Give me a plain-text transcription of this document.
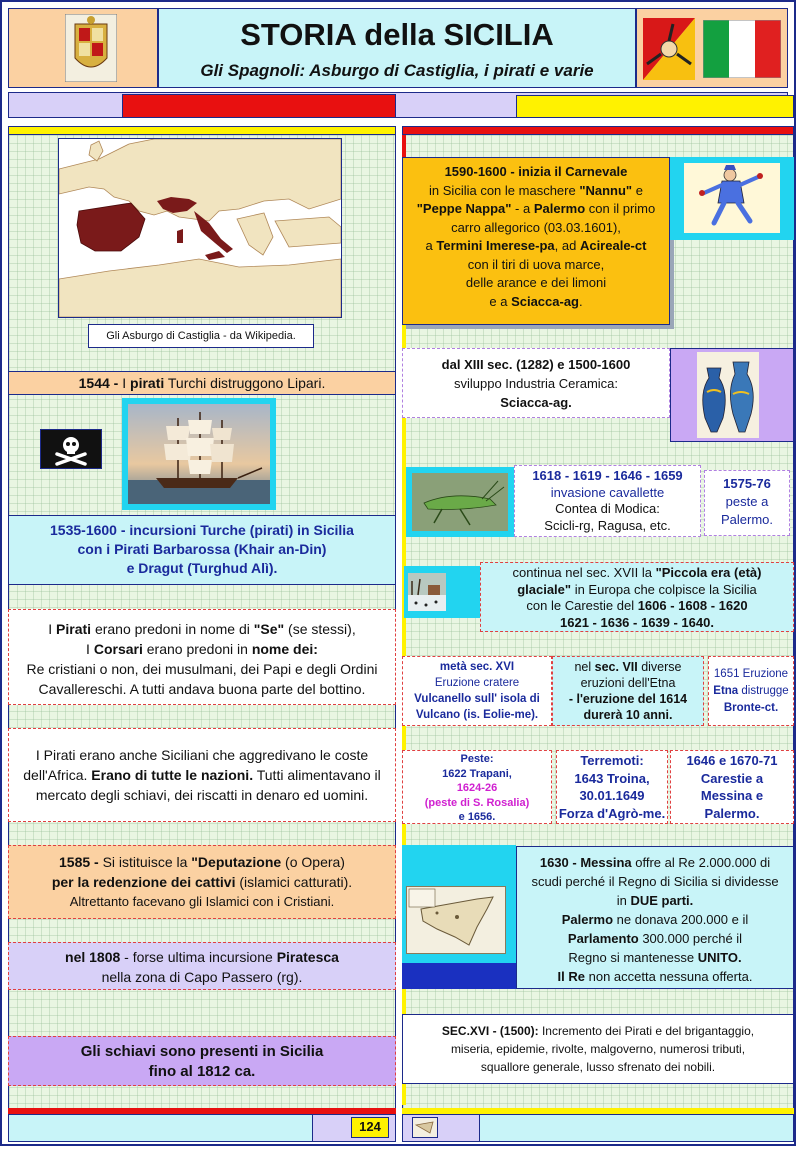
STORIA della SICILIA
Gli Spagnoli: Asburgo di Castiglia, i pirati e varie
Gli Asburgo di Castiglia - da Wikipedia.
1544 - I pirati Turchi distruggono Lipari.

1535-1600 - incursioni Turche (pirati) in Sicilia

con i Pirati Barbarossa (Khair an-Din)

e Dragut (Turghud Alì).

I Pirati erano predoni in nome di "Se" (se stessi),

I Corsari erano predoni in nome dei:

Re cristiani o non, dei musulmani, dei Papi e degli Ordini

Cavallereschi. A tutti andava buona parte del bottino.

I Pirati erano anche Siciliani che aggredivano le coste

dell'Africa. Erano di tutte le nazioni. Tutti alimentavano il

mercato degli schiavi, dei riscatti in denaro ed uomini.

1585 - Si istituisce la "Deputazione (o Opera)

per la redenzione dei cattivi (islamici catturati).

Altrettanto facevano gli Islamici con i Cristiani.

nel 1808 - forse ultima incursione Piratesca

nella zona di Capo Passero (rg).

Gli schiavi sono presenti in Sicilia

fino al 1812 ca.

124

1590-1600 - inizia il Carnevale

in Sicilia con le maschere "Nannu" e

"Peppe Nappa" - a Palermo con il primo

carro allegorico (03.03.1601),

a Termini Imerese-pa, ad Acireale-ct

con il tiri di uova marce,

delle arance e dei limoni

e a Sciacca-ag.

dal XIII sec. (1282) e 1500-1600

sviluppo Industria Ceramica:

Sciacca-ag.

1618 - 1619 - 1646 - 1659

invasione cavallette

Contea di Modica:

Scicli-rg, Ragusa, etc.

1575-76

peste a

Palermo.

continua nel sec. XVII la "Piccola era (età)

glaciale" in Europa che colpisce la Sicilia

con le Carestie del 1606 - 1608 - 1620

1621 - 1636 - 1639 - 1640.

metà sec. XVI

Eruzione cratere

Vulcanello sull' isola di

Vulcano (is. Eolie-me).

nel sec. VII diverse

eruzioni dell'Etna

- l'eruzione del 1614

durerà 10 anni.

1651 Eruzione

Etna distrugge

Bronte-ct.

Peste:

1622 Trapani,

1624-26

(peste di S. Rosalia)

e 1656.

Terremoti:

1643 Troina,

30.01.1649

Forza d'Agrò-me.

1646 e 1670-71

Carestie a

Messina e

Palermo.

1630 - Messina offre al Re 2.000.000 di

scudi perché il Regno di Sicilia si dividesse

in DUE parti.

Palermo ne donava 200.000 e il

Parlamento 300.000 perché il

Regno si mantenesse UNITO.

Il Re non accetta nessuna offerta.

SEC.XVI - (1500): Incremento dei Pirati e del brigantaggio,

miseria, epidemie, rivolte, malgoverno, numerosi tributi,

squallore generale, lusso sfrenato dei nobili.
